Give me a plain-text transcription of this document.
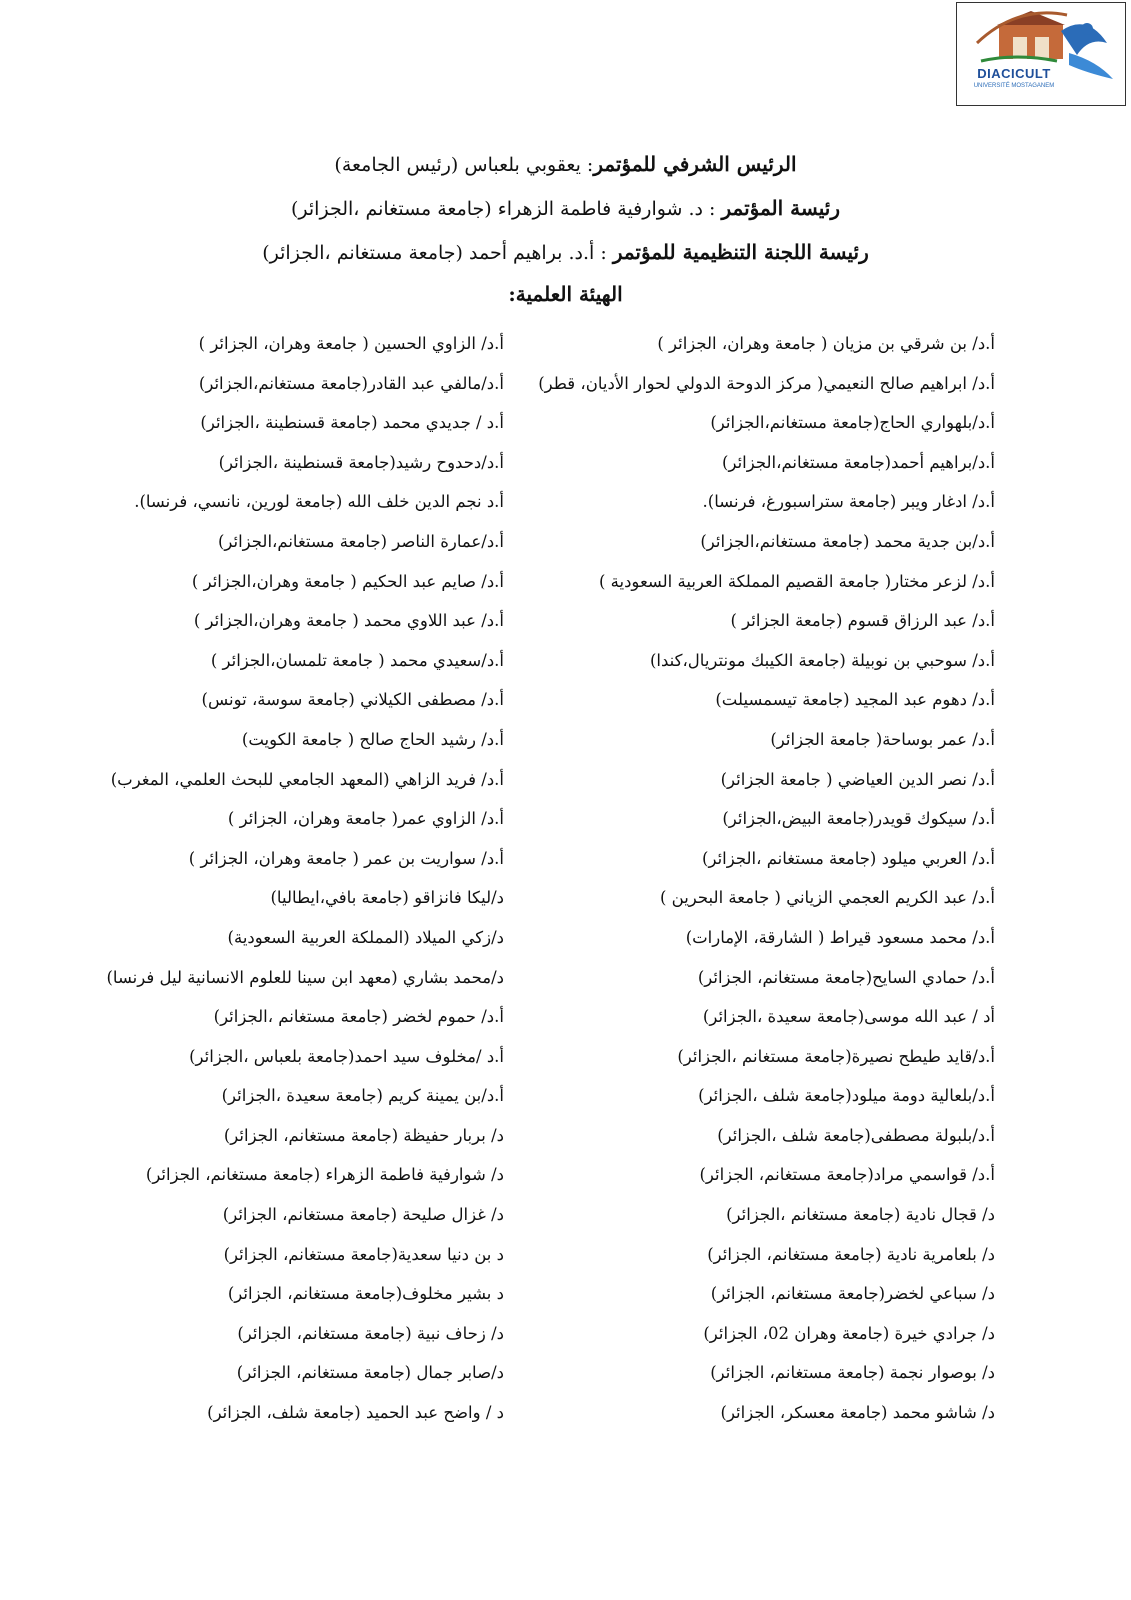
DIACICULT
UNIVERSITÉ MOSTAGANEM
الرئيس الشرفي للمؤتمر: يعقوبي بلعباس (رئيس الجامعة)
رئيسة المؤتمر : د. شوارفية فاطمة الزهراء (جامعة مستغانم ،الجزائر)
رئيسة اللجنة التنظيمية للمؤتمر : أ.د. براهيم أحمد (جامعة مستغانم ،الجزائر)
الهيئة العلمية:
أ.د/ بن شرقي بن مزيان ( جامعة وهران، الجزائر )
أ.د/ ابراهيم صالح النعيمي( مركز الدوحة الدولي لحوار الأديان، قطر)
أ.د/بلهواري الحاج(جامعة مستغانم،الجزائر)
أ.د/براهيم أحمد(جامعة مستغانم،الجزائر)
أ.د/ ادغار ويبر (جامعة ستراسبورغ، فرنسا).
أ.د/بن جدية محمد (جامعة مستغانم،الجزائر)
أ.د/ لزعر مختار( جامعة القصيم المملكة العربية السعودية )
أ.د/ عبد الرزاق قسوم (جامعة الجزائر )
أ.د/ سوحبي بن نوبيلة (جامعة الكيبك مونتريال،كندا)
أ.د/ دهوم عبد المجيد (جامعة تيسمسيلت)
أ.د/ عمر بوساحة( جامعة الجزائر)
أ.د/ نصر الدين العياضي ( جامعة الجزائر)
أ.د/ سيكوك قويدر(جامعة البيض،الجزائر)
أ.د/ العربي ميلود (جامعة مستغانم ،الجزائر)
أ.د/ عبد الكريم العجمي الزياني ( جامعة البحرين )
أ.د/ محمد مسعود قيراط ( الشارقة، الإمارات)
أ.د/ حمادي السايح(جامعة مستغانم، الجزائر)
أد / عبد الله موسى(جامعة سعيدة ،الجزائر)
أ.د/قايد طيطح نصيرة(جامعة مستغانم ،الجزائر)
أ.د/بلعالية دومة ميلود(جامعة شلف ،الجزائر)
أ.د/بلبولة مصطفى(جامعة شلف ،الجزائر)
أ.د/ قواسمي مراد(جامعة مستغانم، الجزائر)
د/ قجال نادية (جامعة مستغانم ،الجزائر)
د/ بلعامرية نادية (جامعة مستغانم، الجزائر)
د/ سباعي لخضر(جامعة مستغانم، الجزائر)
د/ جرادي خيرة (جامعة وهران 02، الجزائر)
د/ بوصوار نجمة (جامعة مستغانم، الجزائر)
د/ شاشو محمد (جامعة معسكر، الجزائر)
أ.د/ الزاوي الحسين ( جامعة وهران، الجزائر )
أ.د/مالفي عبد القادر(جامعة مستغانم،الجزائر)
أ.د / جديدي محمد (جامعة قسنطينة ،الجزائر)
أ.د/دحدوح رشيد(جامعة قسنطينة ،الجزائر)
أ.د نجم الدين خلف الله (جامعة لورين، نانسي، فرنسا).
أ.د/عمارة الناصر (جامعة مستغانم،الجزائر)
أ.د/ صايم عبد الحكيم ( جامعة وهران،الجزائر )
أ.د/ عبد اللاوي محمد ( جامعة وهران،الجزائر )
أ.د/سعيدي محمد ( جامعة تلمسان،الجزائر )
أ.د/ مصطفى الكيلاني (جامعة سوسة، تونس)
أ.د/ رشيد الحاج صالح ( جامعة الكويت)
أ.د/ فريد الزاهي (المعهد الجامعي للبحث العلمي، المغرب)
أ.د/ الزاوي عمر( جامعة وهران، الجزائر )
أ.د/ سواريت بن عمر ( جامعة وهران، الجزائر )
د/ليكا فانزاقو (جامعة بافي،ايطاليا)
د/زكي الميلاد (المملكة العربية السعودية)
د/محمد بشاري (معهد ابن سينا للعلوم الانسانية ليل فرنسا)
أ.د/ حموم لخضر (جامعة مستغانم ،الجزائر)
أ.د /مخلوف سيد احمد(جامعة بلعباس ،الجزائر)
أ.د/بن يمينة كريم (جامعة سعيدة ،الجزائر)
د/ بربار حفيظة (جامعة مستغانم، الجزائر)
د/ شوارفية فاطمة الزهراء (جامعة مستغانم، الجزائر)
د/ غزال صليحة (جامعة مستغانم، الجزائر)
د بن دنيا سعدية(جامعة مستغانم، الجزائر)
د بشير مخلوف(جامعة مستغانم، الجزائر)
د/ زحاف نبية (جامعة مستغانم، الجزائر)
د/صابر جمال (جامعة مستغانم، الجزائر)
د / واضح عبد الحميد (جامعة شلف، الجزائر)
